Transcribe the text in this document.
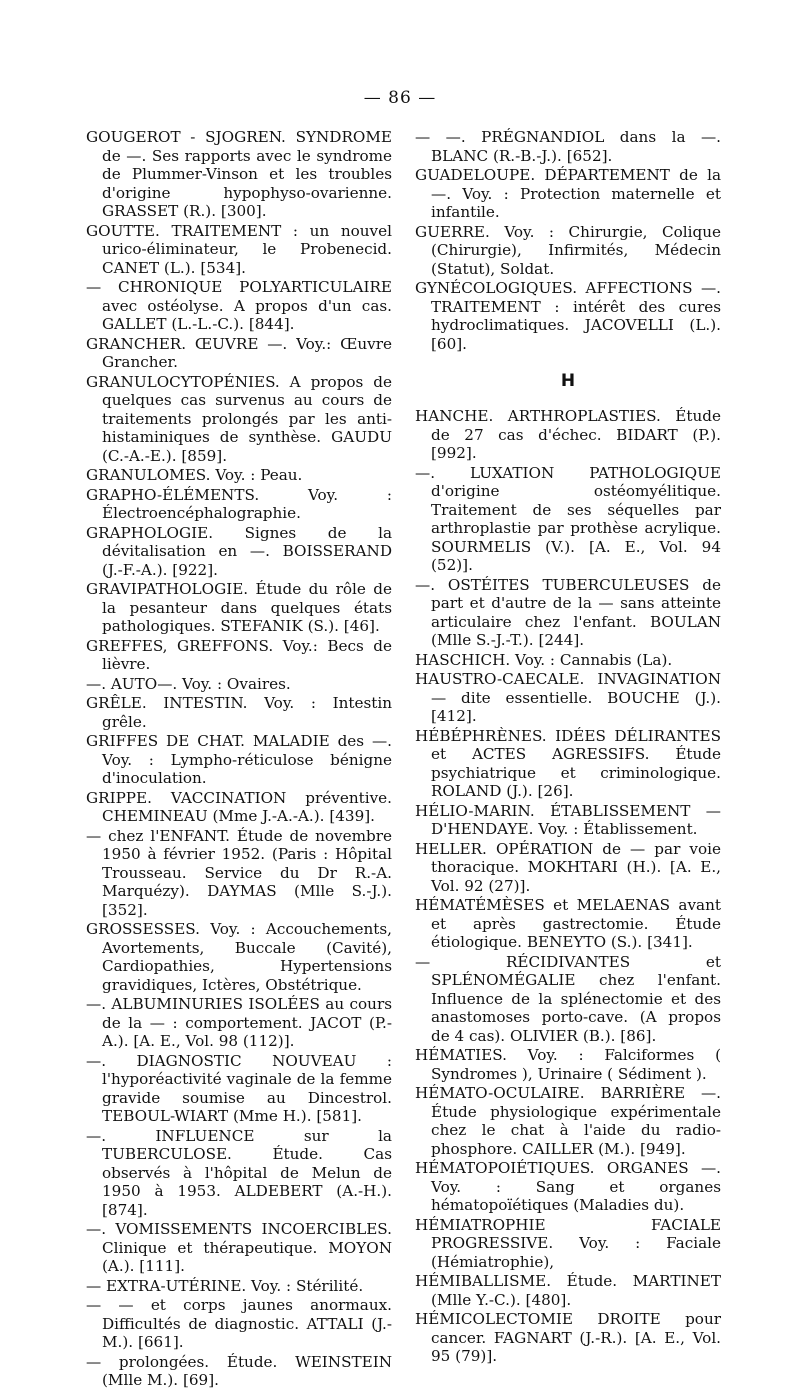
— 86 —

GOUGEROT - SJOGREN. SYNDROME de —. Ses rapports avec le syndrome de Plummer-Vinson et les troubles d'origine hypophyso-ovarienne. GRASSET (R.). [300].

GOUTTE. TRAITEMENT : un nouvel urico-éliminateur, le Probenecid. CANET (L.). [534].

— CHRONIQUE POLYARTICULAIRE avec ostéolyse. A propos d'un cas. GALLET (L.-L.-C.). [844].

GRANCHER. ŒUVRE —. Voy.: Œuvre Grancher.

GRANULOCYTOPÉNIES. A propos de quelques cas survenus au cours de traitements prolongés par les anti-histaminiques de synthèse. GAUDU (C.-A.-E.). [859].

GRANULOMES. Voy. : Peau.

GRAPHO-ÉLÉMENTS. Voy. : Électroencéphalographie.

GRAPHOLOGIE. Signes de la dévitalisation en —. BOISSERAND (J.-F.-A.). [922].

GRAVIPATHOLOGIE. Étude du rôle de la pesanteur dans quelques états pathologiques. STEFANIK (S.). [46].

GREFFES, GREFFONS. Voy.: Becs de lièvre.

—. AUTO—. Voy. : Ovaires.

GRÊLE. INTESTIN. Voy. : Intestin grêle.

GRIFFES DE CHAT. MALADIE des —. Voy. : Lympho-réticulose bénigne d'inoculation.

GRIPPE. VACCINATION préventive. CHEMINEAU (Mme J.-A.-A.). [439].

— chez l'ENFANT. Étude de novembre 1950 à février 1952. (Paris : Hôpital Trousseau. Service du Dr R.-A. Marquézy). DAYMAS (Mlle S.-J.). [352].

GROSSESSES. Voy. : Accouchements, Avortements, Buccale (Cavité), Cardiopathies, Hypertensions gravidiques, Ictères, Obstétrique.

—. ALBUMINURIES ISOLÉES au cours de la — : comportement. JACOT (P.-A.). [A. E., Vol. 98 (112)].

—. DIAGNOSTIC NOUVEAU : l'hyporéactivité vaginale de la femme gravide soumise au Dincestrol. TEBOUL-WIART (Mme H.). [581].

—. INFLUENCE sur la TUBERCULOSE. Étude. Cas observés à l'hôpital de Melun de 1950 à 1953. ALDEBERT (A.-H.). [874].

—. VOMISSEMENTS INCOERCIBLES. Clinique et thérapeutique. MOYON (A.). [111].

— EXTRA-UTÉRINE. Voy. : Stérilité.

— — et corps jaunes anormaux. Difficultés de diagnostic. ATTALI (J.-M.). [661].

— prolongées. Étude. WEINSTEIN (Mlle M.). [69].

— —. PRÉGNANDIOL dans la —. BLANC (R.-B.-J.). [652].

GUADELOUPE. DÉPARTEMENT de la —. Voy. : Protection maternelle et infantile.

GUERRE. Voy. : Chirurgie, Colique (Chirurgie), Infirmités, Médecin (Statut), Soldat.

GYNÉCOLOGIQUES. AFFECTIONS —. TRAITEMENT : intérêt des cures hydroclimatiques. JACOVELLI (L.). [60].

H

HANCHE. ARTHROPLASTIES. Étude de 27 cas d'échec. BIDART (P.). [992].

—. LUXATION PATHOLOGIQUE d'origine ostéomyélitique. Traitement de ses séquelles par arthroplastie par prothèse acrylique. SOURMELIS (V.). [A. E., Vol. 94 (52)].

—. OSTÉITES TUBERCULEUSES de part et d'autre de la — sans atteinte articulaire chez l'enfant. BOULAN (Mlle S.-J.-T.). [244].

HASCHICH. Voy. : Cannabis (La).

HAUSTRO-CAECALE. INVAGINATION — dite essentielle. BOUCHE (J.). [412].

HÉBÉPHRÈNES. IDÉES DÉLIRANTES et ACTES AGRESSIFS. Étude psychiatrique et criminologique. ROLAND (J.). [26].

HÉLIO-MARIN. ÉTABLISSEMENT — D'HENDAYE. Voy. : Établissement.

HELLER. OPÉRATION de — par voie thoracique. MOKHTARI (H.). [A. E., Vol. 92 (27)].

HÉMATÉMÈSES et MELAENAS avant et après gastrectomie. Étude étiologique. BENEYTO (S.). [341].

— RÉCIDIVANTES et SPLÉNOMÉGALIE chez l'enfant. Influence de la splénectomie et des anastomoses porto-cave. (A propos de 4 cas). OLIVIER (B.). [86].

HÉMATIES. Voy. : Falciformes ( Syndromes ), Urinaire ( Sédiment ).

HÉMATO-OCULAIRE. BARRIÈRE —. Étude physiologique expérimentale chez le chat à l'aide du radio-phosphore. CAILLER (M.). [949].

HÉMATOPOIÉTIQUES. ORGANES —. Voy. : Sang et organes hématopoïétiques (Maladies du).

HÉMIATROPHIE FACIALE PROGRESSIVE. Voy. : Faciale (Hémiatrophie),

HÉMIBALLISME. Étude. MARTINET (Mlle Y.-C.). [480].

HÉMICOLECTOMIE DROITE pour cancer. FAGNART (J.-R.). [A. E., Vol. 95 (79)].
